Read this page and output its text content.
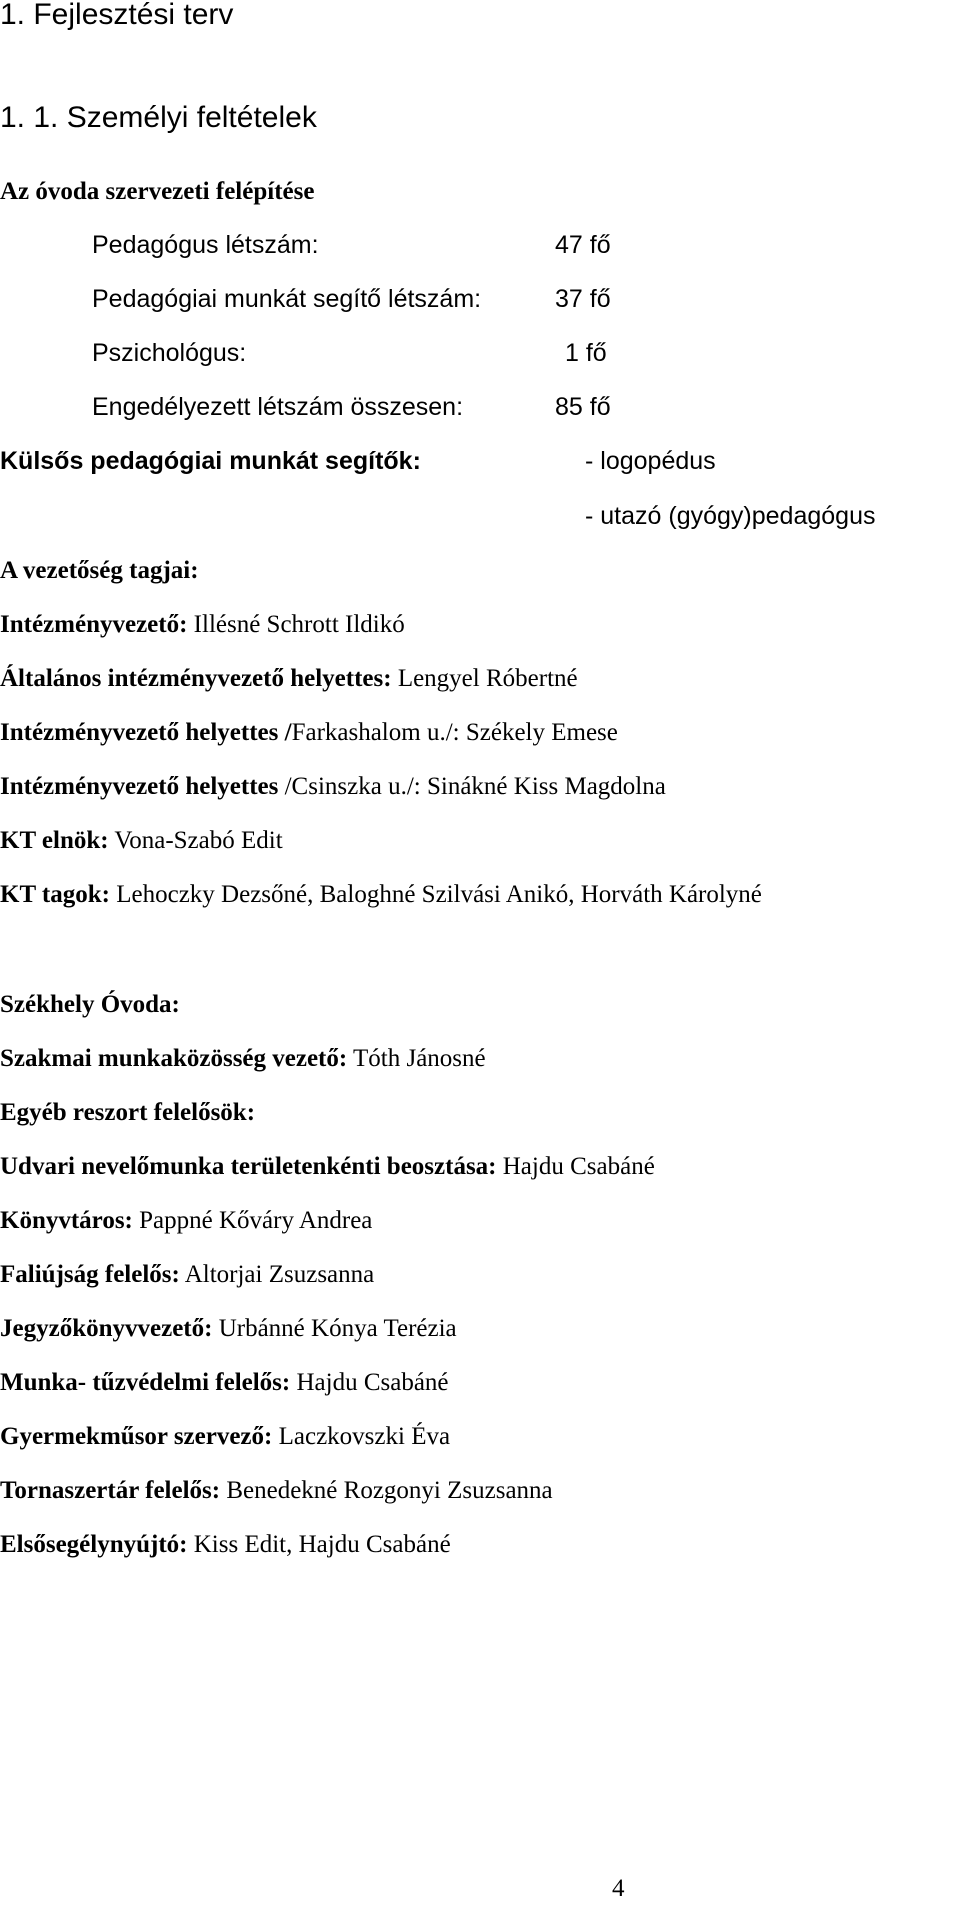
1. Fejlesztési terv
1. 1. Személyi feltételek
Az óvoda szervezeti felépítése
Pedagógus létszám:	47 fő
Pedagógiai munkát segítő létszám:	37 fő
Pszichológus:	1 fő
Engedélyezett létszám összesen:	85 fő
Külsős pedagógiai munkát segítők:	- logopédus
- utazó (gyógy)pedagógus
A vezetőség tagjai:
Intézményvezető: Illésné Schrott Ildikó
Általános intézményvezető helyettes: Lengyel Róbertné
Intézményvezető helyettes /Farkashalom u./: Székely Emese
Intézményvezető helyettes /Csinszka u./: Sinákné Kiss Magdolna
KT elnök: Vona-Szabó Edit
KT tagok: Lehoczky Dezsőné, Baloghné Szilvási Anikó, Horváth Károlyné
Székhely Óvoda:
Szakmai munkaközösség vezető: Tóth Jánosné
Egyéb reszort felelősök:
Udvari nevelőmunka területenkénti beosztása: Hajdu Csabáné
Könyvtáros: Pappné Kőváry Andrea
Faliújság felelős: Altorjai Zsuzsanna
Jegyzőkönyvvezető: Urbánné Kónya Terézia
Munka- tűzvédelmi felelős: Hajdu Csabáné
Gyermekműsor szervező: Laczkovszki Éva
Tornaszertár felelős: Benedekné Rozgonyi Zsuzsanna
Elsősegélynyújtó: Kiss Edit, Hajdu Csabáné
4
